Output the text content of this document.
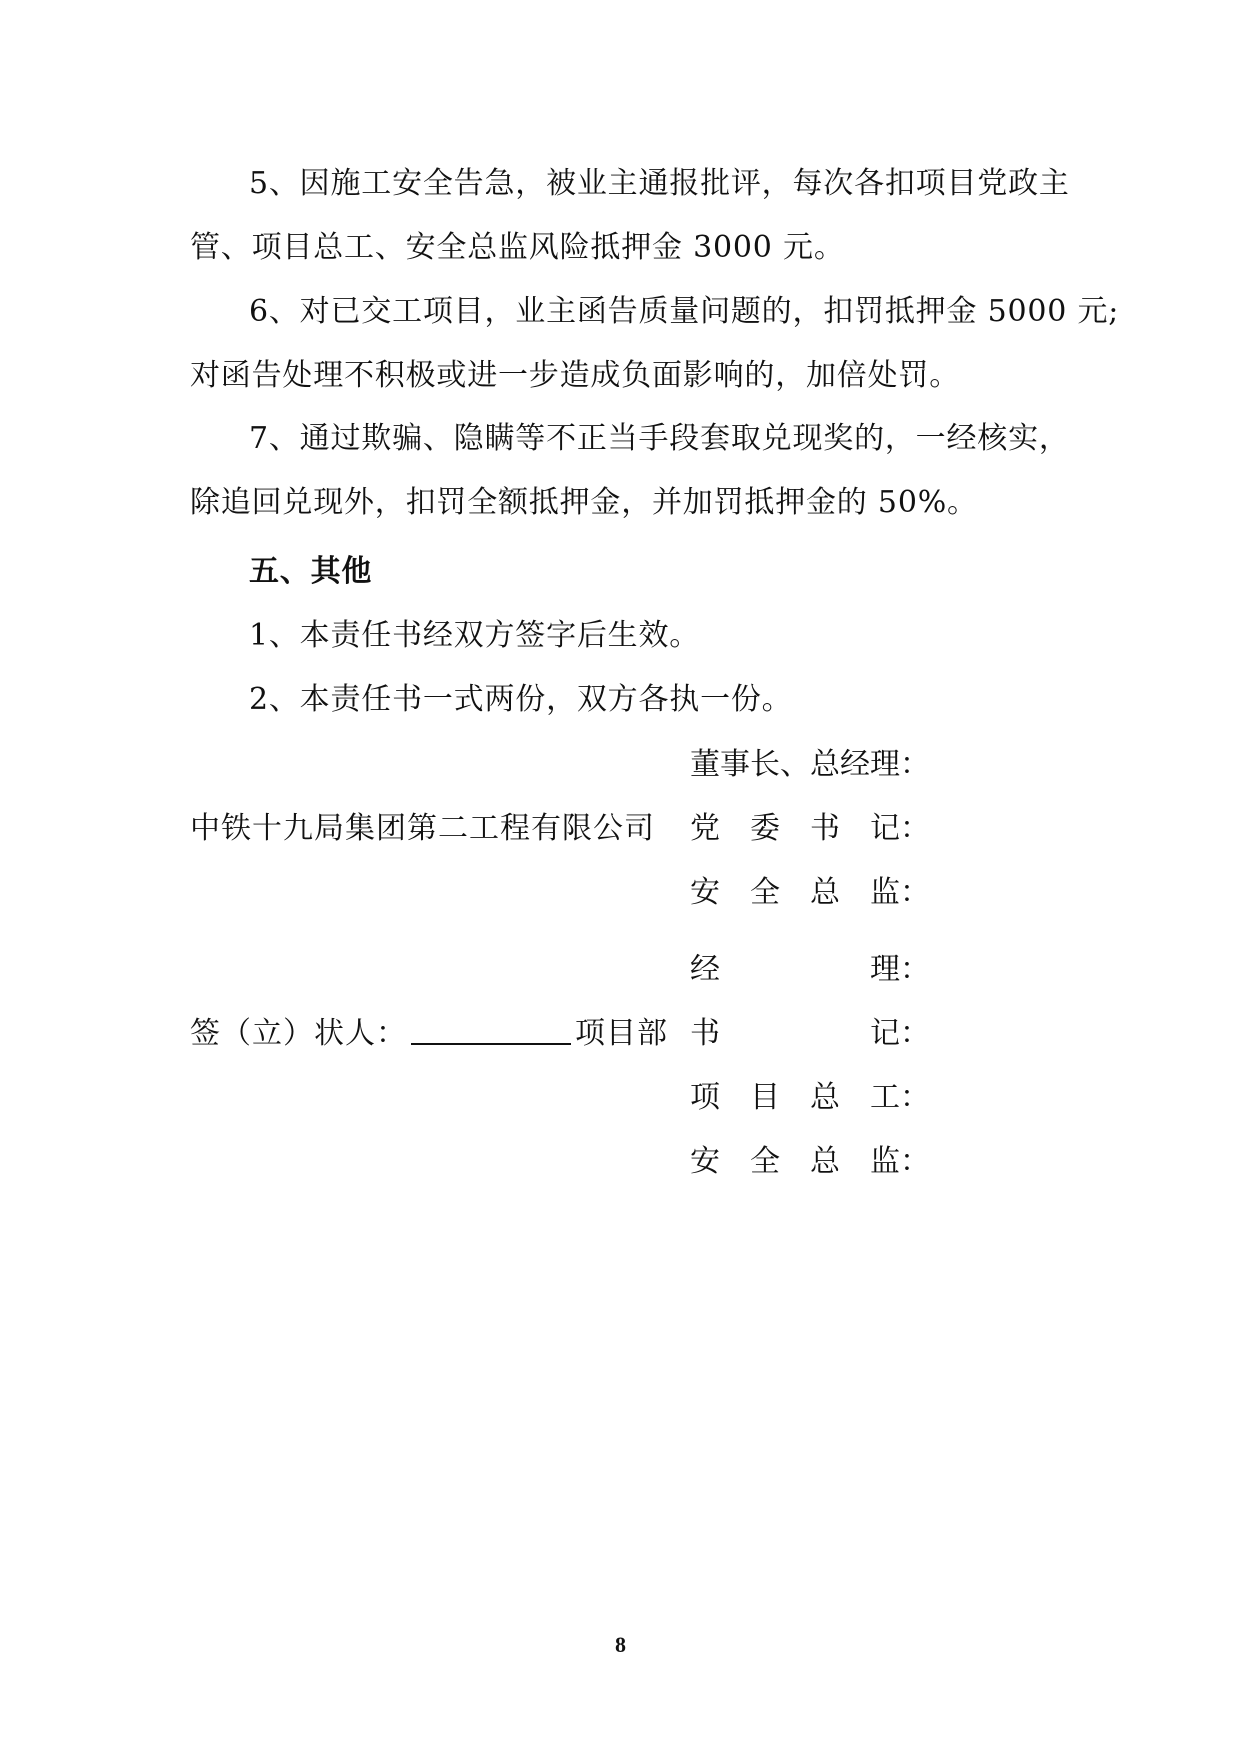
5、因施工安全告急，被业主通报批评，每次各扣项目党政主
管、项目总工、安全总监风险抵押金 3000 元。
6、对已交工项目，业主函告质量问题的，扣罚抵押金 5000 元;
对函告处理不积极或进一步造成负面影响的，加倍处罚。
7、通过欺骗、隐瞒等不正当手段套取兑现奖的，一经核实，
除追回兑现外，扣罚全额抵押金，并加罚抵押金的 50%。
五、其他
1、本责任书经双方签字后生效。
2、本责任书一式两份，双方各执一份。
中铁十九局集团第二工程有限公司
董事长、总经理：
党　委　书　记：
安　全　总　监：
签（立）状人：	项目部
经　　　　　理：
书　　　　　记：
项　目　总　工：
安　全　总　监：
8
